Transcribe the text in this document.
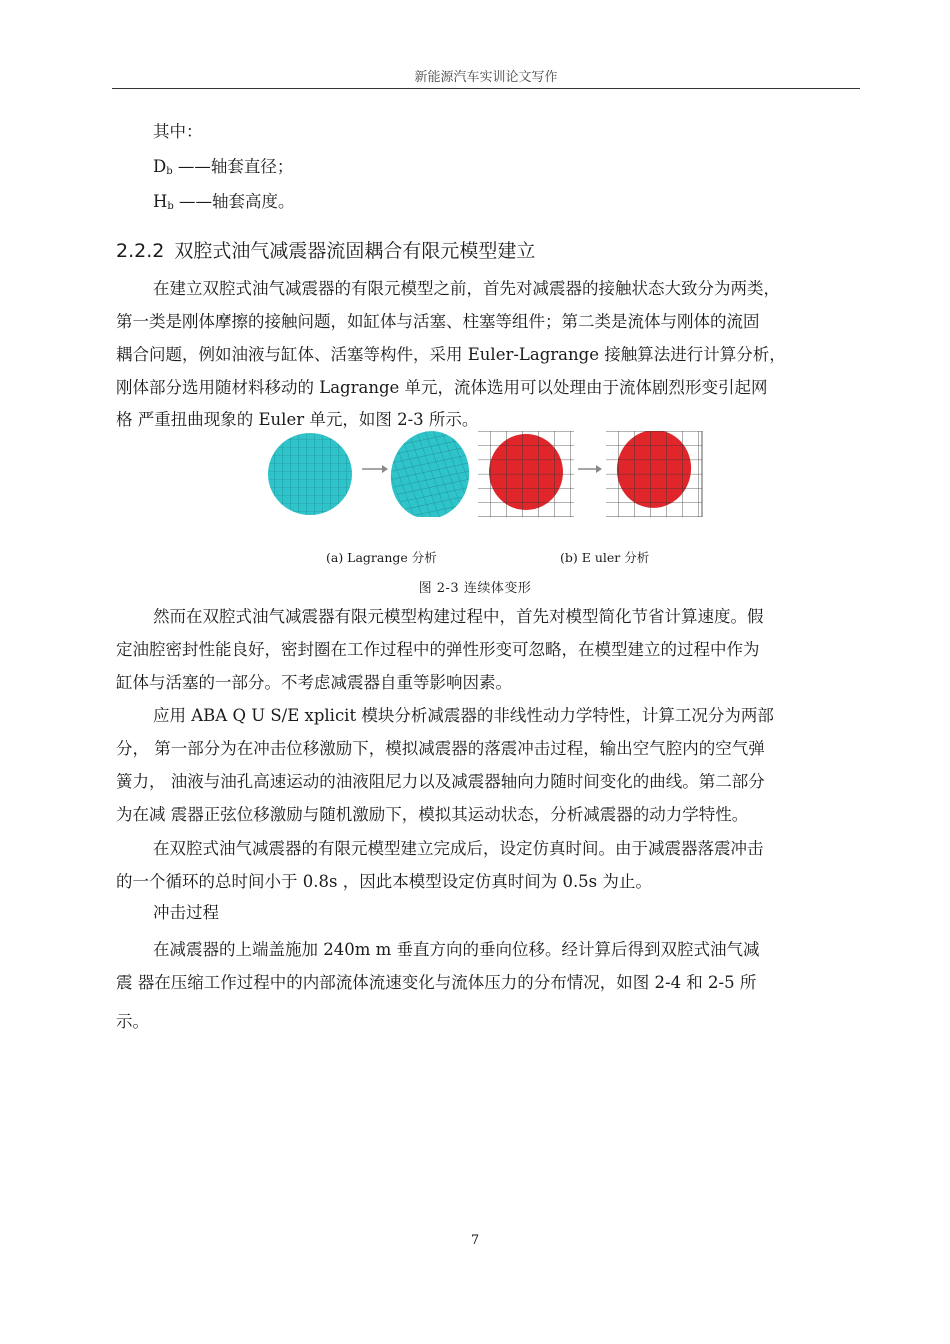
新能源汽车实训论文写作
其中：
$D_b$ ——轴套直径；
$H_b$ ——轴套高度。
2.2.2 双腔式油气减震器流固耦合有限元模型建立
在建立双腔式油气减震器的有限元模型之前，首先对减震器的接触状态大致分为两类，
第一类是刚体摩擦的接触问题，如缸体与活塞、柱塞等组件；第二类是流体与刚体的流固
耦合问题，例如油液与缸体、活塞等构件，采用 Euler-Lagrange 接触算法进行计算分析，
刚体部分选用随材料移动的 Lagrange 单元，流体选用可以处理由于流体剧烈形变引起网
格 严重扭曲现象的 Euler 单元，如图 2-3 所示。
(a) Lagrange 分析	(b) E uler 分析
图 2-3 连续体变形
然而在双腔式油气减震器有限元模型构建过程中，首先对模型简化节省计算速度。假
定油腔密封性能良好，密封圈在工作过程中的弹性形变可忽略，在模型建立的过程中作为
缸体与活塞的一部分。不考虑减震器自重等影响因素。
应用 ABA Q U S/E xplicit 模块分析减震器的非线性动力学特性，计算工况分为两部
分， 第一部分为在冲击位移激励下，模拟减震器的落震冲击过程，输出空气腔内的空气弹
簧力， 油液与油孔高速运动的油液阻尼力以及减震器轴向力随时间变化的曲线。第二部分
为在减 震器正弦位移激励与随机激励下，模拟其运动状态，分析减震器的动力学特性。
在双腔式油气减震器的有限元模型建立完成后，设定仿真时间。由于减震器落震冲击
的一个循环的总时间小于 0.8s ，因此本模型设定仿真时间为 0.5s 为止。
冲击过程
在减震器的上端盖施加 240m m 垂直方向的垂向位移。经计算后得到双腔式油气减
震 器在压缩工作过程中的内部流体流速变化与流体压力的分布情况，如图 2-4 和 2-5 所
示。
7
